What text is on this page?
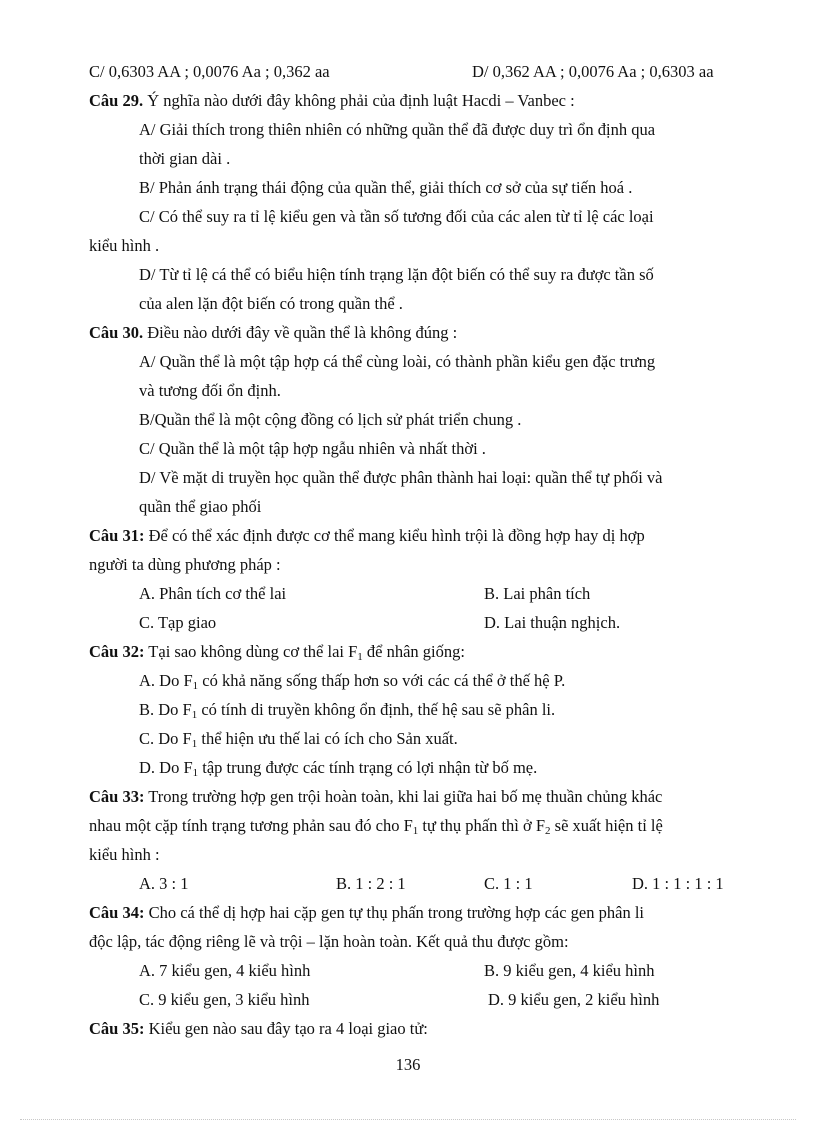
C/ 0,6303 AA ; 0,0076 Aa ; 0,362 aa	D/ 0,362 AA ; 0,0076 Aa ; 0,6303 aa
Câu 29. Ý nghĩa nào dưới đây không phải của định luật Hacdi – Vanbec :
A/ Giải thích trong thiên nhiên có những quần thể đã được duy trì ổn định qua
thời gian dài .
B/ Phản ánh trạng thái động của quần thể, giải thích cơ sở của sự tiến hoá .
C/ Có thể suy ra tỉ lệ kiểu gen và tần số tương đối của các alen từ tỉ lệ các loại
kiểu hình .
D/ Từ tỉ lệ cá thể có biểu hiện tính trạng lặn đột biến có thể suy ra được tần số
của alen lặn đột biến có trong quần thể .
Câu 30. Điều nào dưới đây về quần thể là không đúng :
A/ Quần thể là một tập hợp cá thể cùng loài, có thành phần kiểu gen đặc trưng
và tương đối ổn định.
B/Quần thể là một cộng đồng có lịch sử phát triển chung .
C/ Quần thể là một tập hợp ngẫu nhiên và nhất thời .
D/ Về mặt di truyền học quần thể được phân thành hai loại: quần thể tự phối và
quần thể giao phối
Câu 31: Để có thể xác định được cơ thể mang kiểu hình trội là đồng hợp hay dị hợp
người ta dùng phương pháp :
A. Phân tích cơ thể lai	B. Lai phân tích
C. Tạp giao	D. Lai thuận nghịch.
Câu 32: Tại sao không dùng cơ thể lai $F_1$ để nhân giống:
A. Do $F_1$ có khả năng sống thấp hơn so với các cá thể ở thế hệ P.
B. Do $F_1$ có tính di truyền không ổn định, thế hệ sau sẽ phân li.
C. Do $F_1$ thể hiện ưu thế lai có ích cho Sản xuất.
D. Do $F_1$ tập trung được các tính trạng có lợi nhận từ bố mẹ.
Câu 33: Trong trường hợp gen trội hoàn toàn, khi lai giữa hai bố mẹ thuần chủng khác
nhau một cặp tính trạng tương phản sau đó cho $F_1$ tự thụ phấn thì ở $F_2$ sẽ xuất hiện tỉ lệ
kiểu hình :
A. 3 : 1	B. 1 : 2 : 1	C. 1 : 1	D. 1 : 1 : 1 : 1
Câu 34: Cho cá thể dị hợp hai cặp gen tự thụ phấn trong trường hợp các gen phân li
độc lập, tác động riêng lẽ và trội – lặn hoàn toàn. Kết quả thu được gồm:
A. 7 kiểu gen, 4 kiểu hình	B. 9 kiểu gen, 4 kiểu hình
C. 9 kiểu gen, 3 kiểu hình	D. 9 kiểu gen, 2 kiểu hình
Câu 35: Kiểu gen nào sau đây tạo ra 4 loại giao tử:
136
